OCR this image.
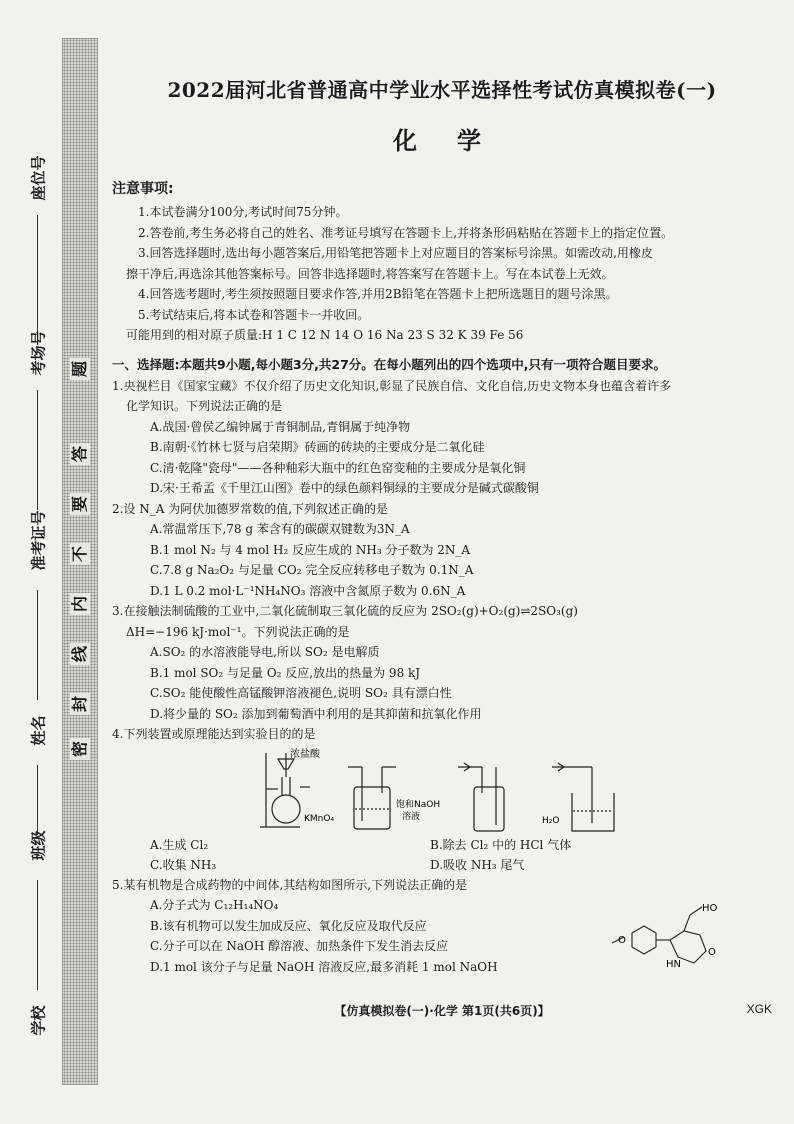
题
答
要
不
内
线
封
密
座位号
考场号
准考证号
姓名
班级
学校
2022届河北省普通高中学业水平选择性考试仿真模拟卷(一)
化学
注意事项:

1.本试卷满分100分,考试时间75分钟。

2.答卷前,考生务必将自己的姓名、准考证号填写在答题卡上,并将条形码粘贴在答题卡上的指定位置。

3.回答选择题时,选出每小题答案后,用铅笔把答题卡上对应题目的答案标号涂黑。如需改动,用橡皮

擦干净后,再选涂其他答案标号。回答非选择题时,将答案写在答题卡上。写在本试卷上无效。

4.回答选考题时,考生须按照题目要求作答,并用2B铅笔在答题卡上把所选题目的题号涂黑。

5.考试结束后,将本试卷和答题卡一并收回。

可能用到的相对原子质量:H 1 C 12 N 14 O 16 Na 23 S 32 K 39 Fe 56

一、选择题:本题共9小题,每小题3分,共27分。在每小题列出的四个选项中,只有一项符合题目要求。

1.央视栏目《国家宝藏》不仅介绍了历史文化知识,彰显了民族自信、文化自信,历史文物本身也蕴含着许多

化学知识。下列说法正确的是

A.战国·曾侯乙编钟属于青铜制品,青铜属于纯净物

B.南朝·《竹林七贤与启荣期》砖画的砖块的主要成分是二氧化硅

C.清·乾隆"瓷母"——各种釉彩大瓶中的红色窑变釉的主要成分是氧化铜

D.宋·王希孟《千里江山图》卷中的绿色颜料铜绿的主要成分是碱式碳酸铜

2.设 N_A 为阿伏加德罗常数的值,下列叙述正确的是

A.常温常压下,78 g 苯含有的碳碳双键数为3N_A

B.1 mol N₂ 与 4 mol H₂ 反应生成的 NH₃ 分子数为 2N_A

C.7.8 g Na₂O₂ 与足量 CO₂ 完全反应转移电子数为 0.1N_A

D.1 L 0.2 mol·L⁻¹NH₄NO₃ 溶液中含氮原子数为 0.6N_A

3.在接触法制硫酸的工业中,二氧化硫制取三氧化硫的反应为 2SO₂(g)+O₂(g)⇌2SO₃(g)

ΔH=−196 kJ·mol⁻¹。下列说法正确的是

A.SO₂ 的水溶液能导电,所以 SO₂ 是电解质

B.1 mol SO₂ 与足量 O₂ 反应,放出的热量为 98 kJ

C.SO₂ 能使酸性高锰酸钾溶液褪色,说明 SO₂ 具有漂白性

D.将少量的 SO₂ 添加到葡萄酒中利用的是其抑菌和抗氧化作用

4.下列装置或原理能达到实验目的的是

浓盐酸
KMnO₄
饱和NaOH
溶液	H₂O
A.生成 Cl₂	B.除去 Cl₂ 中的 HCl 气体
C.收集 NH₃	D.吸收 NH₃ 尾气

5.某有机物是合成药物的中间体,其结构如图所示,下列说法正确的是

A.分子式为 C₁₂H₁₄NO₄

B.该有机物可以发生加成反应、氧化反应及取代反应

C.分子可以在 NaOH 醇溶液、加热条件下发生消去反应

D.1 mol 该分子与足量 NaOH 溶液反应,最多消耗 1 mol NaOH

O
HO
O
HN
【仿真模拟卷(一)·化学 第1页(共6页)】	XGK
